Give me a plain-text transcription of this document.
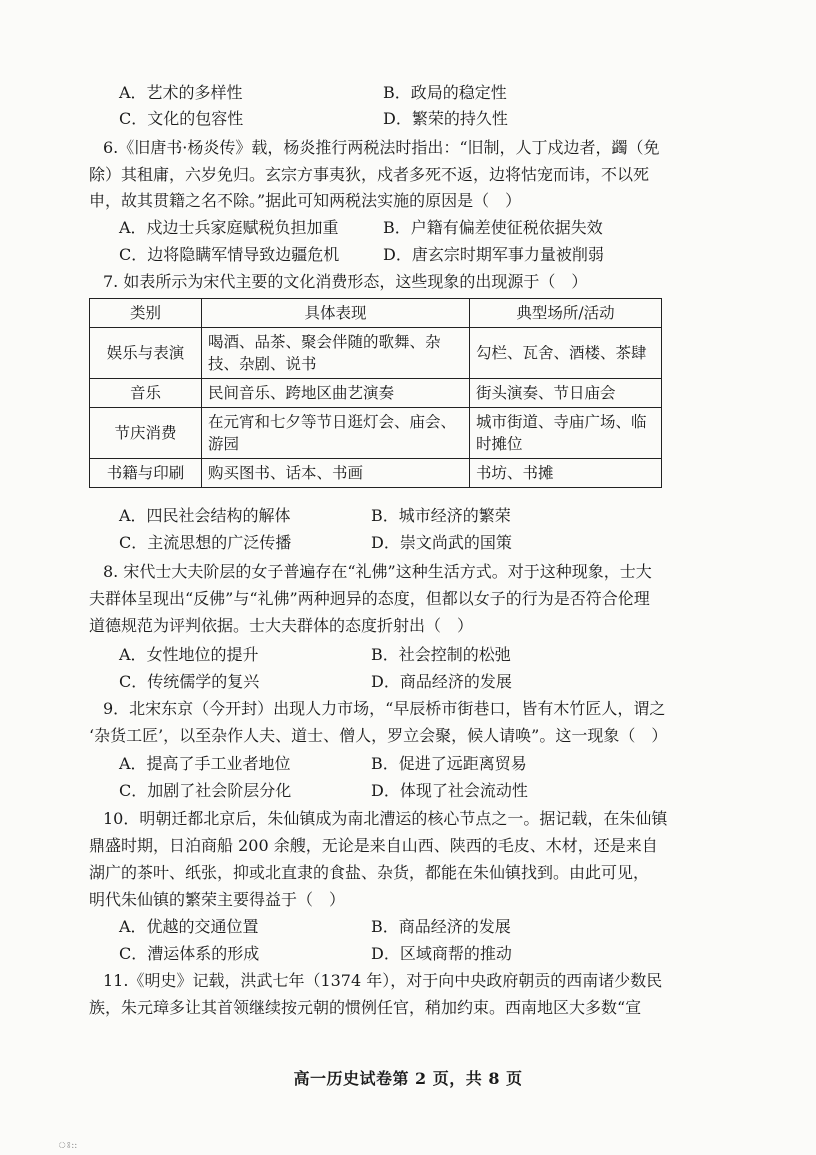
A．艺术的多样性	B．政局的稳定性
C．文化的包容性	D．繁荣的持久性
6.《旧唐书·杨炎传》载，杨炎推行两税法时指出：“旧制，人丁戍边者，蠲（免
除）其租庸，六岁免归。玄宗方事夷狄，戍者多死不返，边将怙宠而讳，不以死
申，故其贯籍之名不除。”据此可知两税法实施的原因是（　）
A．戍边士兵家庭赋税负担加重	B．户籍有偏差使征税依据失效
C．边将隐瞒军情导致边疆危机	D．唐玄宗时期军事力量被削弱
7. 如表所示为宋代主要的文化消费形态，这些现象的出现源于（　）
类别	具体表现	典型场所/活动
娱乐与表演	喝酒、品茶、聚会伴随的歌舞、杂技、杂剧、说书	勾栏、瓦舍、酒楼、茶肆
音乐	民间音乐、跨地区曲艺演奏	街头演奏、节日庙会
节庆消费	在元宵和七夕等节日逛灯会、庙会、游园	城市街道、寺庙广场、临时摊位
书籍与印刷	购买图书、话本、书画	书坊、书摊
A．四民社会结构的解体	B．城市经济的繁荣
C．主流思想的广泛传播	D．崇文尚武的国策
8. 宋代士大夫阶层的女子普遍存在“礼佛”这种生活方式。对于这种现象，士大
夫群体呈现出“反佛”与“礼佛”两种迥异的态度，但都以女子的行为是否符合伦理
道德规范为评判依据。士大夫群体的态度折射出（　）
A．女性地位的提升	B．社会控制的松弛
C．传统儒学的复兴	D．商品经济的发展
9．北宋东京（今开封）出现人力市场，“早辰桥市街巷口，皆有木竹匠人，谓之
‘杂货工匠’，以至杂作人夫、道士、僧人，罗立会聚，候人请唤”。这一现象（　）
A．提高了手工业者地位	B．促进了远距离贸易
C．加剧了社会阶层分化	D．体现了社会流动性
10．明朝迁都北京后，朱仙镇成为南北漕运的核心节点之一。据记载，在朱仙镇
鼎盛时期，日泊商船 200 余艘，无论是来自山西、陕西的毛皮、木材，还是来自
湖广的茶叶、纸张，抑或北直隶的食盐、杂货，都能在朱仙镇找到。由此可见，
明代朱仙镇的繁荣主要得益于（　）
A．优越的交通位置	B．商品经济的发展
C．漕运体系的形成	D．区域商帮的推动
11.《明史》记载，洪武七年（1374 年），对于向中央政府朝贡的西南诸少数民
族，朱元璋多让其首领继续按元朝的惯例任官，稍加约束。西南地区大多数“宣
高一历史试卷第 2 页，共 8 页
ঃ::
